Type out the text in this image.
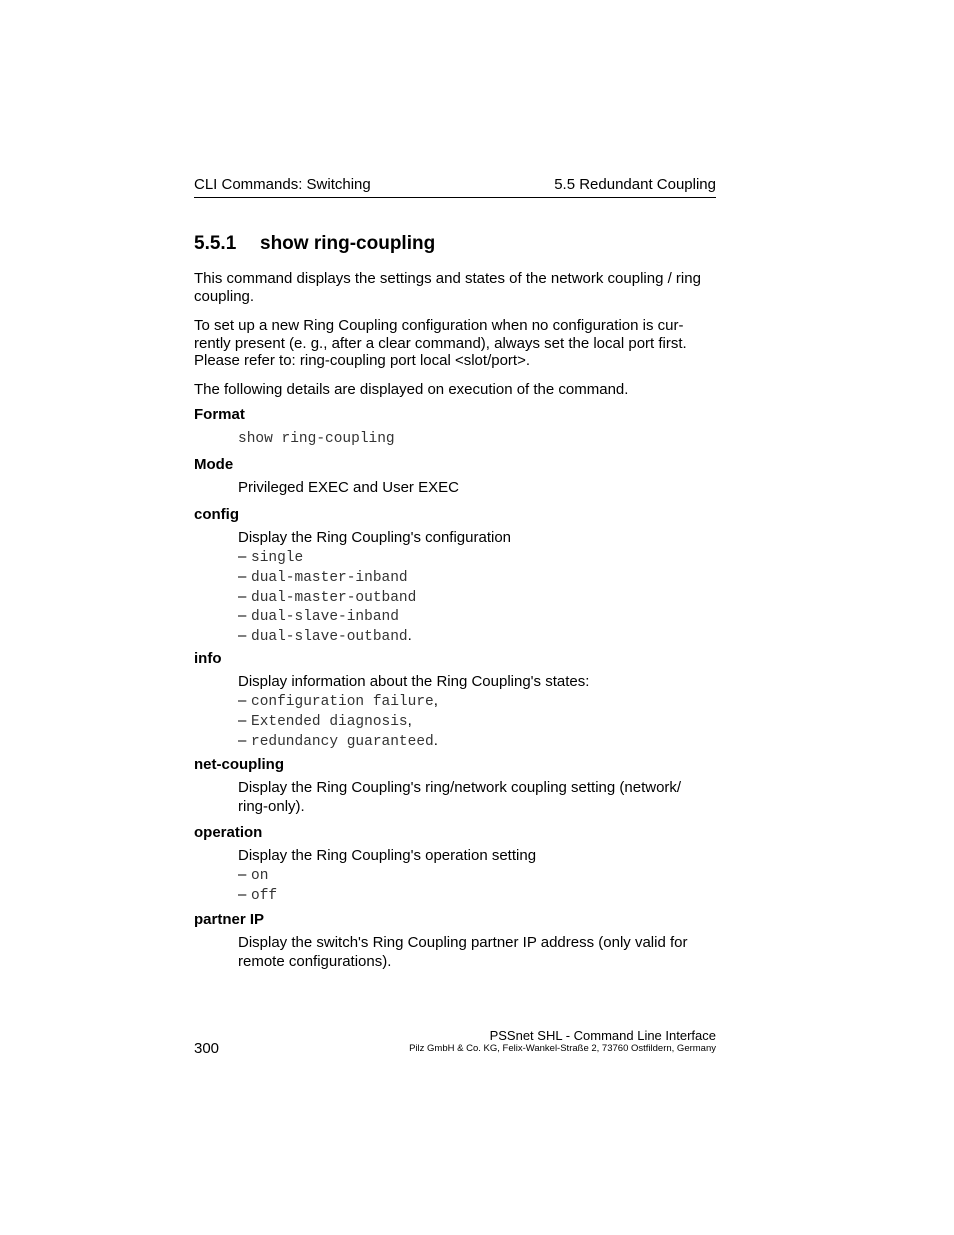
CLI Commands: Switching	5.5 Redundant Coupling
5.5.1 show ring-coupling
This command displays the settings and states of the network coupling / ring coupling.
To set up a new Ring Coupling configuration when no configuration is cur-
rently present (e. g., after a clear command), always set the local port first.
Please refer to: ring-coupling port local <slot/port>.
The following details are displayed on execution of the command.
Format
show ring-coupling
Mode
Privileged EXEC and User EXEC
config
Display the Ring Coupling's configuration
– single
– dual-master-inband
– dual-master-outband
– dual-slave-inband
– dual-slave-outband.
info
Display information about the Ring Coupling's states:
– configuration failure,
– Extended diagnosis,
– redundancy guaranteed.
net-coupling
Display the Ring Coupling's ring/network coupling setting (network/
ring-only).
operation
Display the Ring Coupling's operation setting
– on
– off
partner IP
Display the switch's Ring Coupling partner IP address (only valid for
remote configurations).
300
PSSnet SHL - Command Line Interface
Pilz GmbH & Co. KG, Felix-Wankel-Straße 2, 73760 Ostfildern, Germany
